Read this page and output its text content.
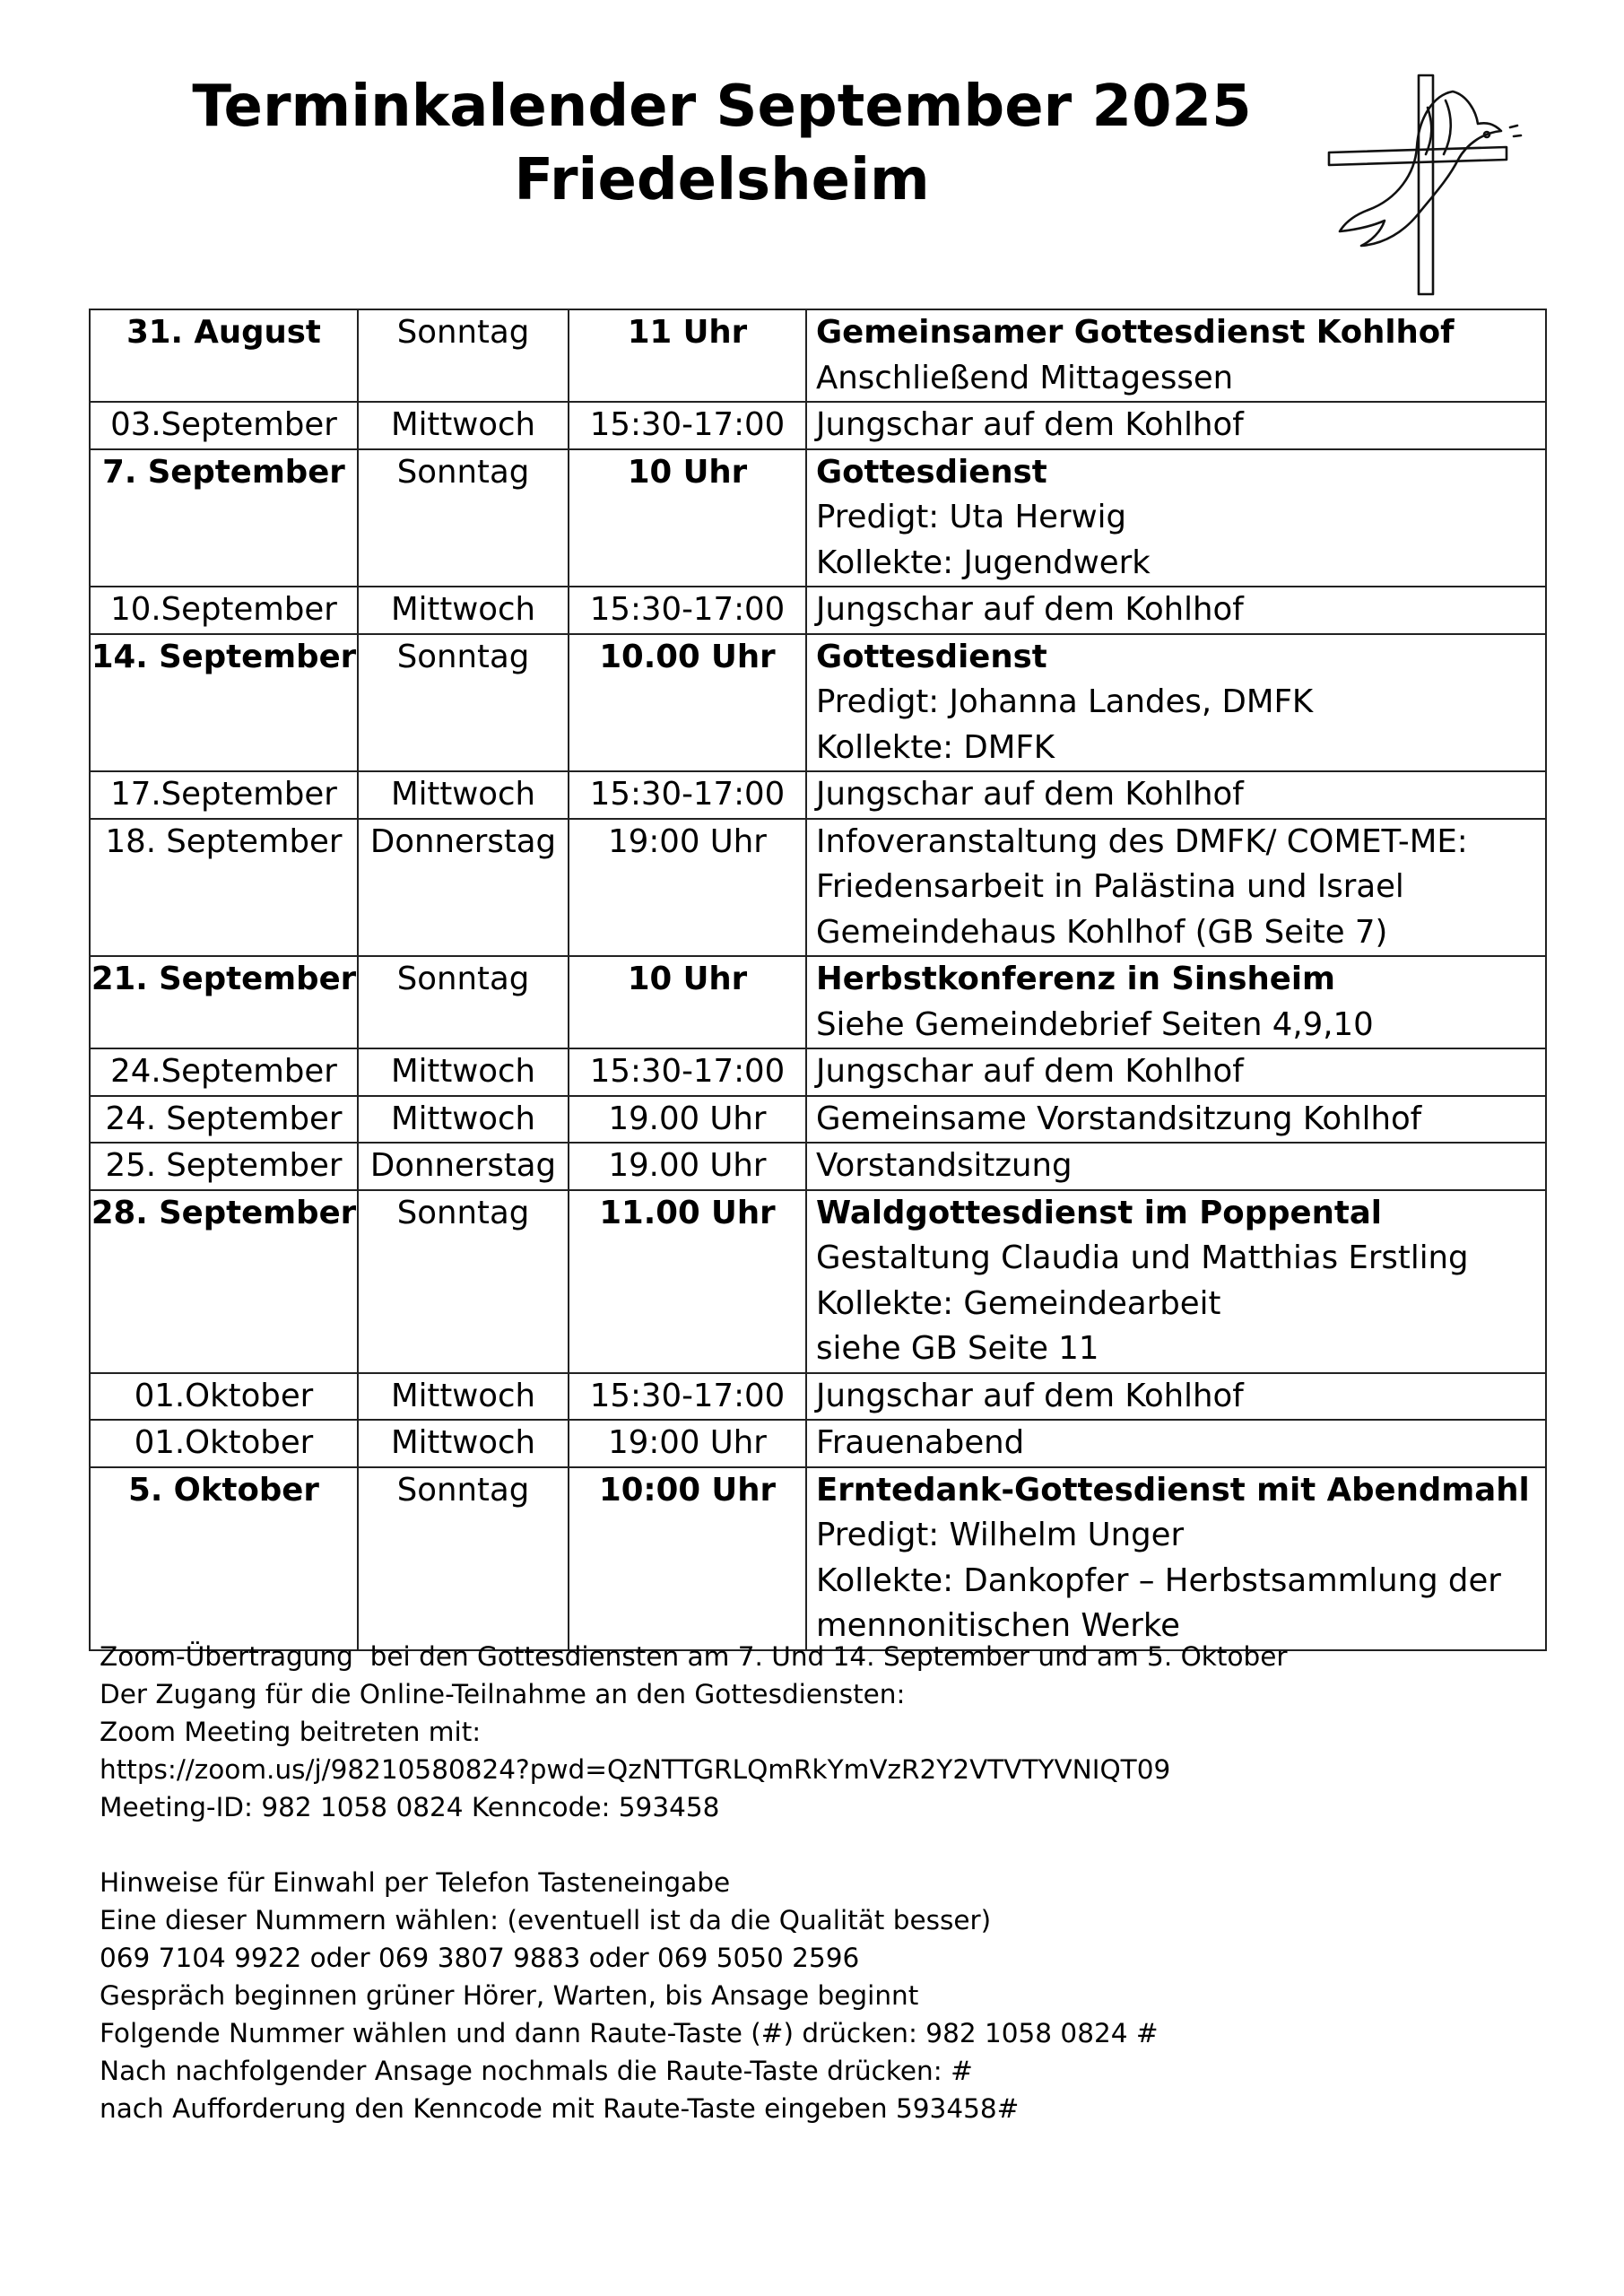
Terminkalender September 2025
Friedelsheim
31. August	Sonntag	11 Uhr	Gemeinsamer Gottesdienst Kohlhof
Anschließend Mittagessen

03.September	Mittwoch	15:30-17:00	Jungschar auf dem Kohlhof

7. September	Sonntag	10 Uhr	Gottesdienst
Predigt: Uta Herwig
Kollekte: Jugendwerk

10.September	Mittwoch	15:30-17:00	Jungschar auf dem Kohlhof

14. September	Sonntag	10.00 Uhr	Gottesdienst
Predigt: Johanna Landes, DMFK
Kollekte: DMFK

17.September	Mittwoch	15:30-17:00	Jungschar auf dem Kohlhof

18. September	Donnerstag	19:00 Uhr	Infoveranstaltung des DMFK/ COMET-ME:
Friedensarbeit in Palästina und Israel
Gemeindehaus Kohlhof (GB Seite 7)

21. September	Sonntag	10 Uhr	Herbstkonferenz in Sinsheim
Siehe Gemeindebrief Seiten 4,9,10

24.September	Mittwoch	15:30-17:00	Jungschar auf dem Kohlhof

24. September	Mittwoch	19.00 Uhr	Gemeinsame Vorstandsitzung Kohlhof

25. September	Donnerstag	19.00 Uhr	Vorstandsitzung

28. September	Sonntag	11.00 Uhr	Waldgottesdienst im Poppental
Gestaltung Claudia und Matthias Erstling
Kollekte: Gemeindearbeit
siehe GB Seite 11

01.Oktober	Mittwoch	15:30-17:00	Jungschar auf dem Kohlhof

01.Oktober	Mittwoch	19:00 Uhr	Frauenabend

5. Oktober	Sonntag	10:00 Uhr	Erntedank-Gottesdienst mit Abendmahl
Predigt: Wilhelm Unger
Kollekte: Dankopfer – Herbstsammlung der
mennonitischen Werke
Zoom-Übertragung  bei den Gottesdiensten am 7. Und 14. September und am 5. Oktober
Der Zugang für die Online-Teilnahme an den Gottesdiensten:
Zoom Meeting beitreten mit:
https://zoom.us/j/98210580824?pwd=QzNTTGRLQmRkYmVzR2Y2VTVTYVNIQT09
Meeting-ID: 982 1058 0824 Kenncode: 593458
Hinweise für Einwahl per Telefon Tasteneingabe
Eine dieser Nummern wählen: (eventuell ist da die Qualität besser)
069 7104 9922 oder 069 3807 9883 oder 069 5050 2596
Gespräch beginnen grüner Hörer, Warten, bis Ansage beginnt
Folgende Nummer wählen und dann Raute-Taste (#) drücken: 982 1058 0824 #
Nach nachfolgender Ansage nochmals die Raute-Taste drücken: #
nach Aufforderung den Kenncode mit Raute-Taste eingeben 593458#
